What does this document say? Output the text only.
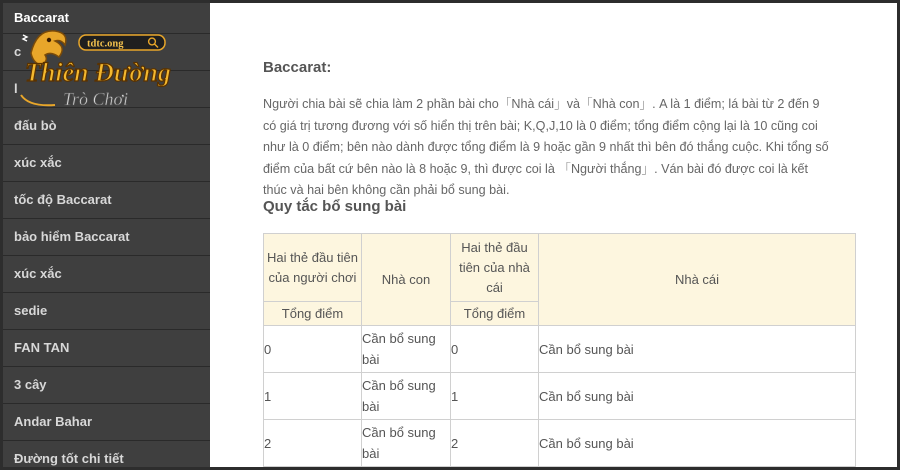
Baccarat
c
l
đấu bò
xúc xắc
tốc độ Baccarat
bảo hiểm Baccarat
xúc xắc
sedie
FAN TAN
3 cây
Andar Bahar
Đường tốt chi tiết
tdtc.ong
Thiên Đường
Trò Chơi
Baccarat:

Người chia bài sẽ chia làm 2 phần bài cho「Nhà cái」và「Nhà con」. A là 1 điểm; lá bài từ 2 đến 9
có giá trị tương đương với số hiển thị trên bài; K,Q,J,10 là 0 điểm; tổng điểm cộng lại là 10 cũng coi
như là 0 điểm; bên nào dành được tổng điểm là 9 hoặc gần 9 nhất thì bên đó thắng cuộc. Khi tổng số
điểm của bất cứ bên nào là 8 hoặc 9, thì được coi là 「Người thắng」. Ván bài đó được coi là kết
thúc và hai bên không cần phải bổ sung bài.

Quy tắc bổ sung bài
Hai thẻ đầu tiên của người chơi	Nhà con	Hai thẻ đầu tiên của nhà cái	Nhà cái
Tổng điểm		Tổng điểm	
0	Cần bổ sung bài	0	Cần bổ sung bài
1	Cần bổ sung bài	1	Cần bổ sung bài
2	Cần bổ sung bài	2	Cần bổ sung bài
